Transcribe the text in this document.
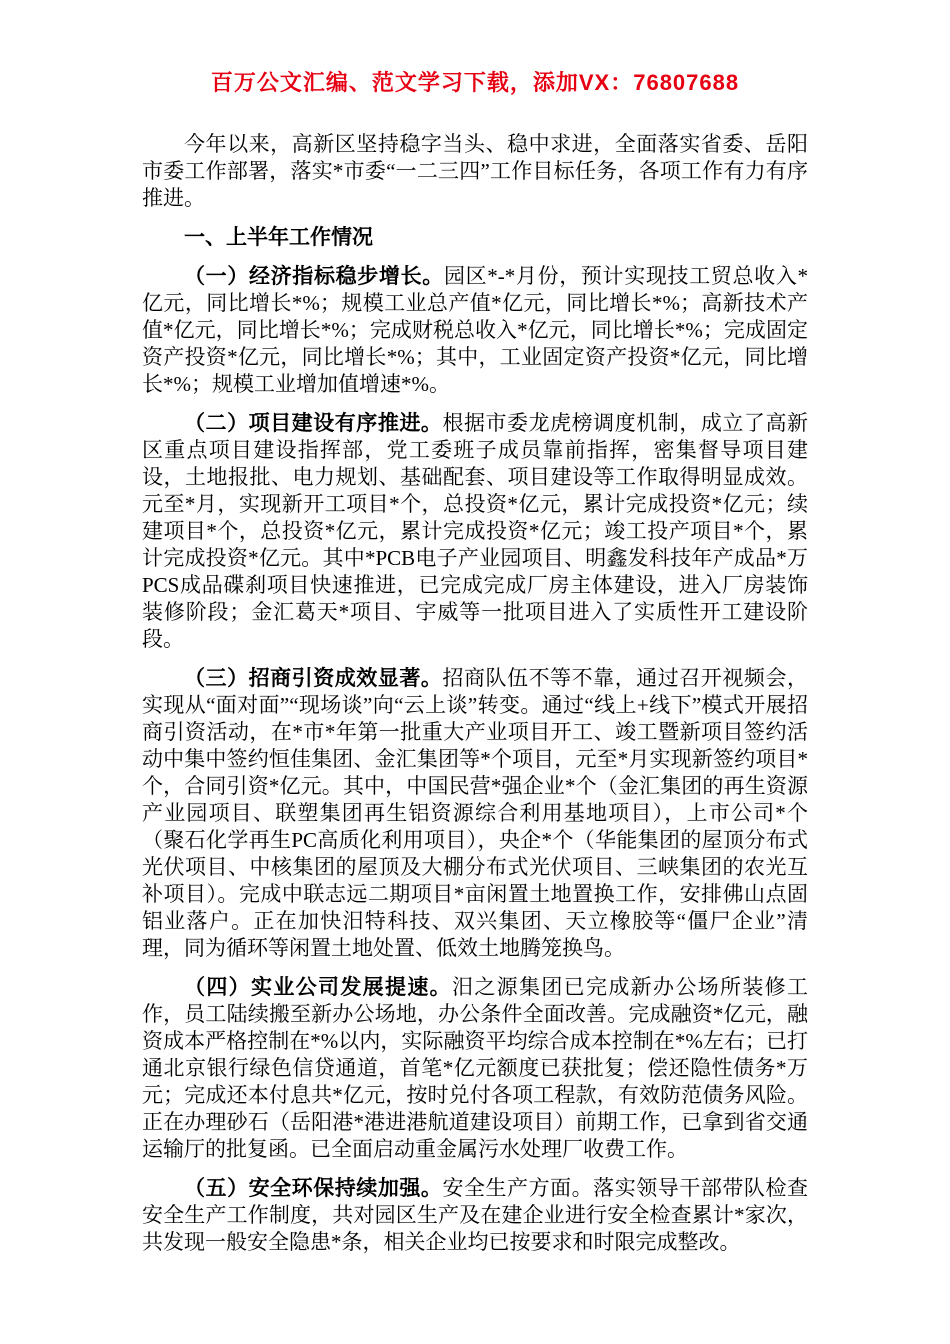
百万公文汇编、范文学习下载，添加VX：76807688

今年以来，高新区坚持稳字当头、稳中求进，全面落实省委、岳阳市委工作部署，落实*市委“一二三四”工作目标任务，各项工作有力有序推进。

一、上半年工作情况

（一）经济指标稳步增长。园区*-*月份，预计实现技工贸总收入*亿元，同比增长*%；规模工业总产值*亿元，同比增长*%；高新技术产值*亿元，同比增长*%；完成财税总收入*亿元，同比增长*%；完成固定资产投资*亿元，同比增长*%；其中，工业固定资产投资*亿元，同比增长*%；规模工业增加值增速*%。

（二）项目建设有序推进。根据市委龙虎榜调度机制，成立了高新区重点项目建设指挥部，党工委班子成员靠前指挥，密集督导项目建设，土地报批、电力规划、基础配套、项目建设等工作取得明显成效。元至*月，实现新开工项目*个，总投资*亿元，累计完成投资*亿元；续建项目*个，总投资*亿元，累计完成投资*亿元；竣工投产项目*个，累计完成投资*亿元。其中*PCB电子产业园项目、明鑫发科技年产成品*万PCS成品碟刹项目快速推进，已完成完成厂房主体建设，进入厂房装饰装修阶段；金汇葛天*项目、宇威等一批项目进入了实质性开工建设阶段。

（三）招商引资成效显著。招商队伍不等不靠，通过召开视频会，实现从“面对面”“现场谈”向“云上谈”转变。通过“线上+线下”模式开展招商引资活动，在*市*年第一批重大产业项目开工、竣工暨新项目签约活动中集中签约恒佳集团、金汇集团等*个项目，元至*月实现新签约项目*个，合同引资*亿元。其中，中国民营*强企业*个（金汇集团的再生资源产业园项目、联塑集团再生铝资源综合利用基地项目），上市公司*个（聚石化学再生PC高质化利用项目），央企*个（华能集团的屋顶分布式光伏项目、中核集团的屋顶及大棚分布式光伏项目、三峡集团的农光互补项目）。完成中联志远二期项目*亩闲置土地置换工作，安排佛山点固铝业落户。正在加快汨特科技、双兴集团、天立橡胶等“僵尸企业”清理，同为循环等闲置土地处置、低效土地腾笼换鸟。

（四）实业公司发展提速。汨之源集团已完成新办公场所装修工作，员工陆续搬至新办公场地，办公条件全面改善。完成融资*亿元，融资成本严格控制在*%以内，实际融资平均综合成本控制在*%左右；已打通北京银行绿色信贷通道，首笔*亿元额度已获批复；偿还隐性债务*万元；完成还本付息共*亿元，按时兑付各项工程款，有效防范债务风险。正在办理砂石（岳阳港*港进港航道建设项目）前期工作，已拿到省交通运输厅的批复函。已全面启动重金属污水处理厂收费工作。

（五）安全环保持续加强。安全生产方面。落实领导干部带队检查安全生产工作制度，共对园区生产及在建企业进行安全检查累计*家次，共发现一般安全隐患*条，相关企业均已按要求和时限完成整改。
